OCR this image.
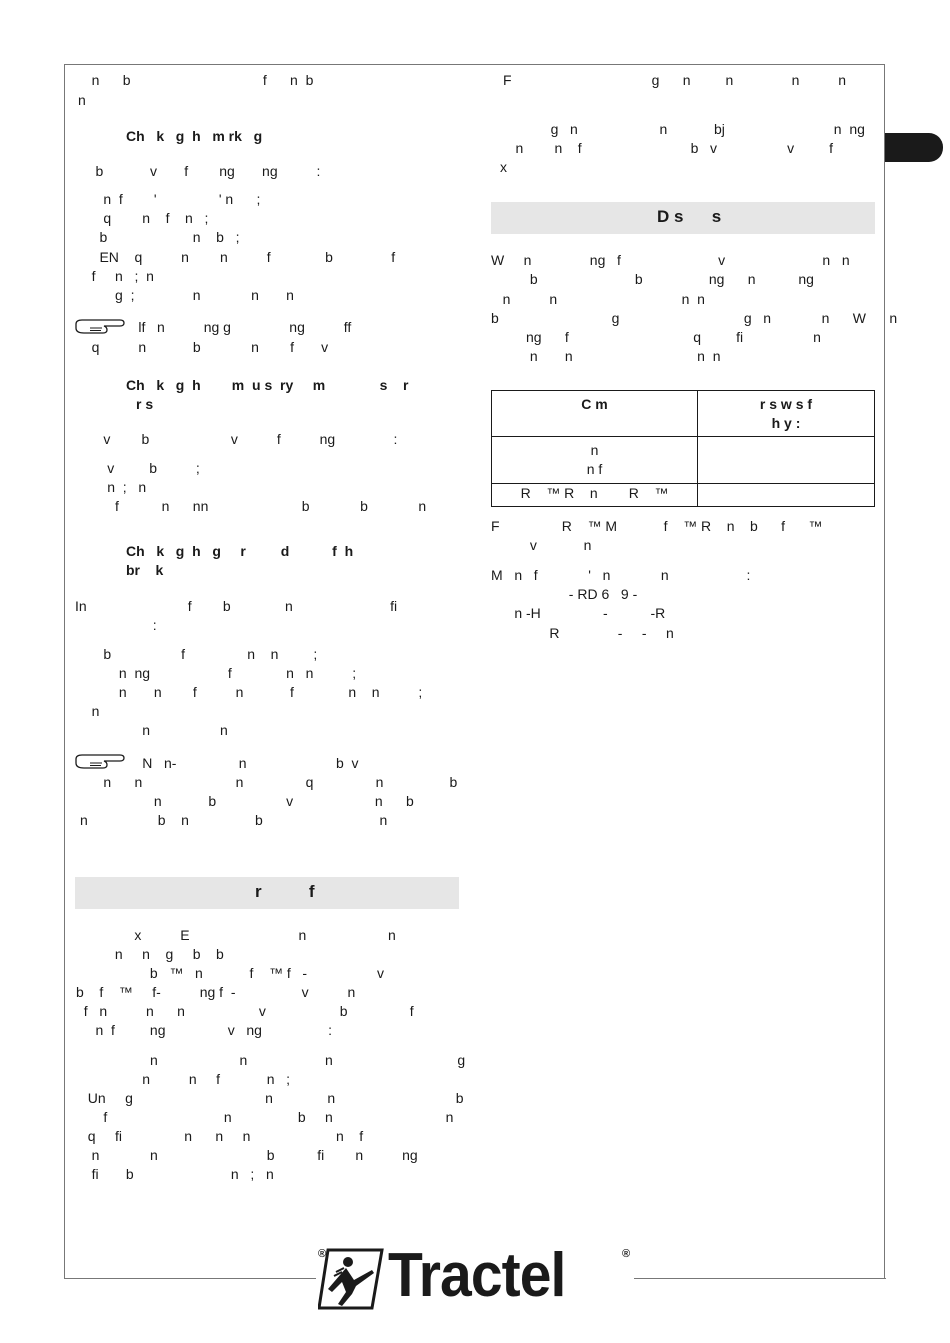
n      b                                  f      n  b
n
Ch   k   g  h   m rk   g
b            v       f        ng       ng          :
n  f        '                ' n      ;
q        n    f    n   ;
b                      n    b   ;
EN    q          n        n          f              b               f
f     n   ;  n
g  ;               n             n       n
lf   n          ng g               ng          ff
q          n            b             n        f       v
Ch   k   g  h        m  u s  ry     m              s    r
r s
v        b                     v          f          ng               :
v         b          ;
n  ;   n
f           n      nn                        b             b             n
Ch   k   g  h   g     r         d           f  h
br    k
In                          f        b              n                         fi
:
b                  f                n    n         ;
n  ng                    f              n   n          ;
n       n        f          n            f              n    n          ;
n
n                  n
N   n-                n                       b  v
n      n                        n                q                n                 b
n            b                  v                     n      b
n                  b    n                 b                              n
r          f
x          E                            n                     n
n     n    g     b    b
b   ™   n            f    ™ f   -                  v
b    f    ™     f-          ng f  -                 v          n
f   n          n      n                   v                   b                f
n  f         ng                v   ng                 :
n                     n                    n                                g
n          n     f            n   ;
Un     g                                  n              n                               b
f                              n                 b     n                             n
q     fi                n      n     n                      n    f
n             n                            b           fi        n          ng
fi       b                         n   ;   n
F                                    g      n         n               n          n
g   n                     n            bj                            n  ng
n        n    f                            b   v                  v         f
x
D s      s
W     n               ng   f                         v                         n   n
b                         b                 ng      n           ng
n          n                                n  n
b                             g                                g   n             n      W      n
ng      f                                q         fi                  n
n       n                                n  n
C m	r s w s f
h y :
n
n f	
R    ™ R    n        R    ™	
F                R    ™ M            f    ™ R    n    b      f      ™
v            n
M   n   f             '   n             n                    :
- RD 6   9 -
n -H                -           -R
R               -     -     n
® Tractel	®
